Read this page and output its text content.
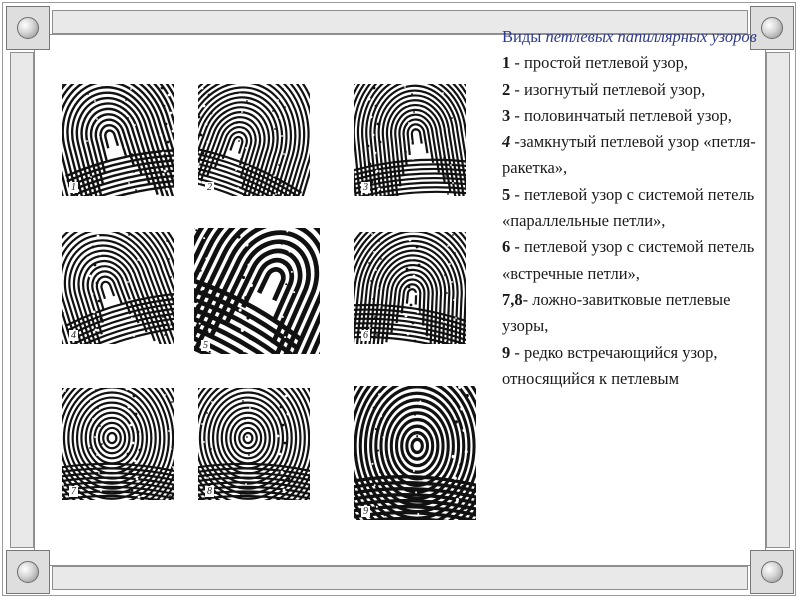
1	2	3
4
5
6
7	8
9
Виды петлевых папиллярных узоров

1 - простой петлевой узор,

2 - изогнутый петлевой узор,

3 - половинчатый петлевой узор,

4 -замкнутый петлевой узор «петля-ракетка»,

5 - петлевой узор с системой петель «параллельные петли»,

6 - петлевой узор с системой петель «встречные петли»,

7,8- ложно-завитковые петлевые узоры,

9 - редко встречающийся узор, относящийся к петлевым
